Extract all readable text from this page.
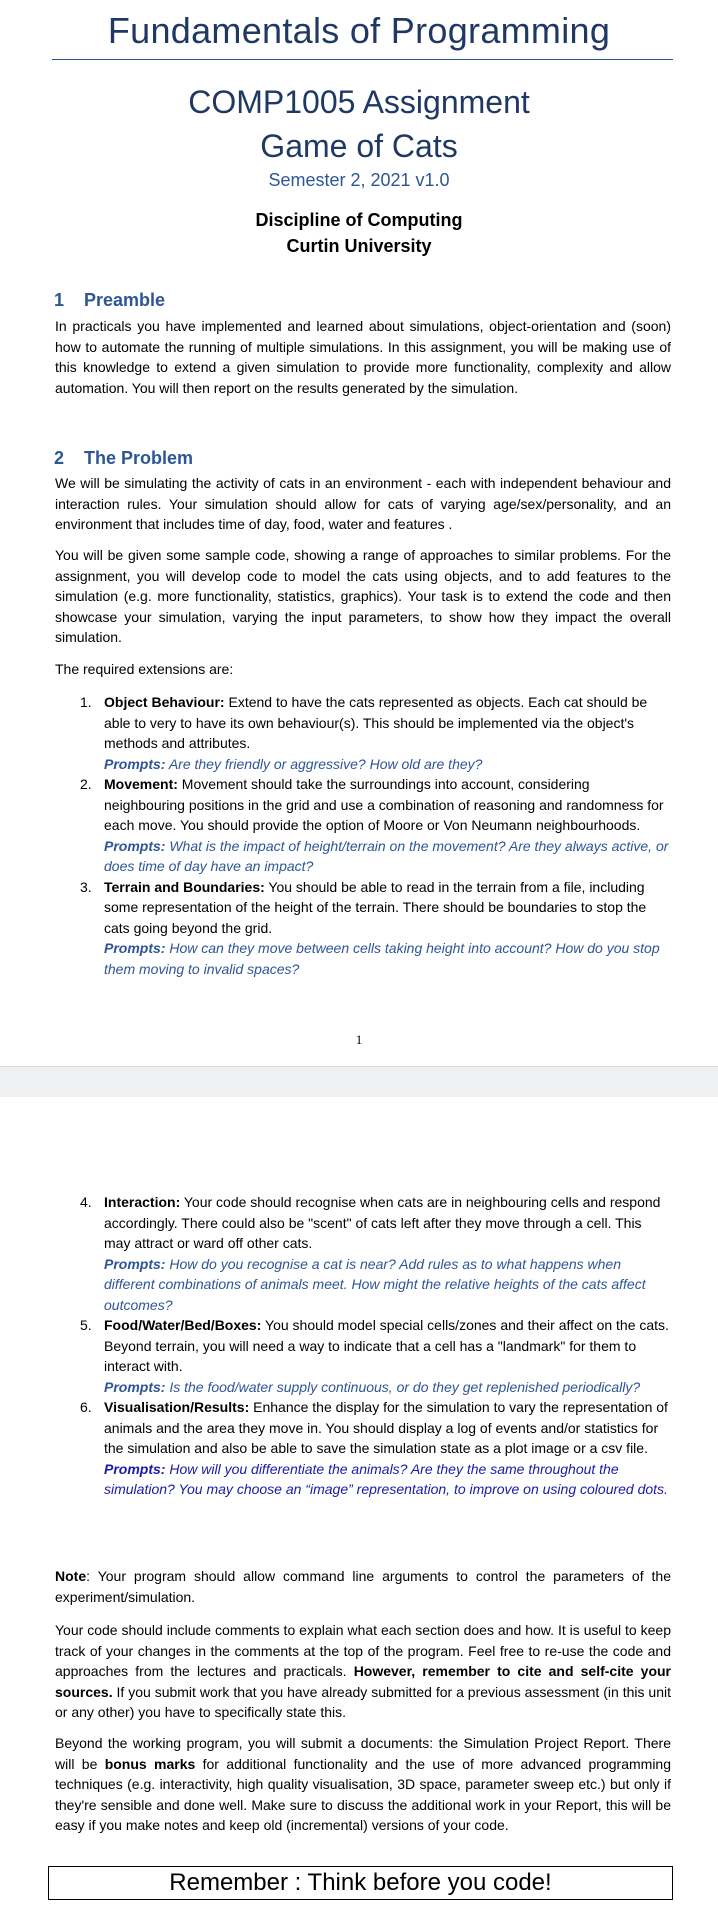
Fundamentals of Programming
COMP1005 Assignment
Game of Cats
Semester 2, 2021 v1.0
Discipline of Computing
Curtin University
1 Preamble
In practicals you have implemented and learned about simulations, object-orientation and (soon) how to automate the running of multiple simulations. In this assignment, you will be making use of this knowledge to extend a given simulation to provide more functionality, complexity and allow automation. You will then report on the results generated by the simulation.
2 The Problem
We will be simulating the activity of cats in an environment - each with independent behaviour and interaction rules. Your simulation should allow for cats of varying age/sex/personality, and an environment that includes time of day, food, water and features .
You will be given some sample code, showing a range of approaches to similar problems. For the assignment, you will develop code to model the cats using objects, and to add features to the simulation (e.g. more functionality, statistics, graphics). Your task is to extend the code and then showcase your simulation, varying the input parameters, to show how they impact the overall simulation.
The required extensions are:
1. Object Behaviour: Extend to have the cats represented as objects. Each cat should be able to very to have its own behaviour(s). This should be implemented via the object's methods and attributes.
Prompts: Are they friendly or aggressive? How old are they?
2. Movement: Movement should take the surroundings into account, considering neighbouring positions in the grid and use a combination of reasoning and randomness for each move. You should provide the option of Moore or Von Neumann neighbourhoods.
Prompts: What is the impact of height/terrain on the movement? Are they always active, or does time of day have an impact?
3. Terrain and Boundaries: You should be able to read in the terrain from a file, including some representation of the height of the terrain. There should be boundaries to stop the cats going beyond the grid.
Prompts: How can they move between cells taking height into account? How do you stop them moving to invalid spaces?
1
4. Interaction: Your code should recognise when cats are in neighbouring cells and respond accordingly. There could also be "scent" of cats left after they move through a cell. This may attract or ward off other cats.
Prompts: How do you recognise a cat is near? Add rules as to what happens when different combinations of animals meet. How might the relative heights of the cats affect outcomes?
5. Food/Water/Bed/Boxes: You should model special cells/zones and their affect on the cats. Beyond terrain, you will need a way to indicate that a cell has a "landmark" for them to interact with.
Prompts: Is the food/water supply continuous, or do they get replenished periodically?
6. Visualisation/Results: Enhance the display for the simulation to vary the representation of animals and the area they move in. You should display a log of events and/or statistics for the simulation and also be able to save the simulation state as a plot image or a csv file.
Prompts: How will you differentiate the animals? Are they the same throughout the simulation? You may choose an “image” representation, to improve on using coloured dots.
Note: Your program should allow command line arguments to control the parameters of the experiment/simulation.
Your code should include comments to explain what each section does and how. It is useful to keep track of your changes in the comments at the top of the program. Feel free to re-use the code and approaches from the lectures and practicals. However, remember to cite and self-cite your sources. If you submit work that you have already submitted for a previous assessment (in this unit or any other) you have to specifically state this.
Beyond the working program, you will submit a documents: the Simulation Project Report. There will be bonus marks for additional functionality and the use of more advanced programming techniques (e.g. interactivity, high quality visualisation, 3D space, parameter sweep etc.) but only if they're sensible and done well. Make sure to discuss the additional work in your Report, this will be easy if you make notes and keep old (incremental) versions of your code.
Remember : Think before you code!
